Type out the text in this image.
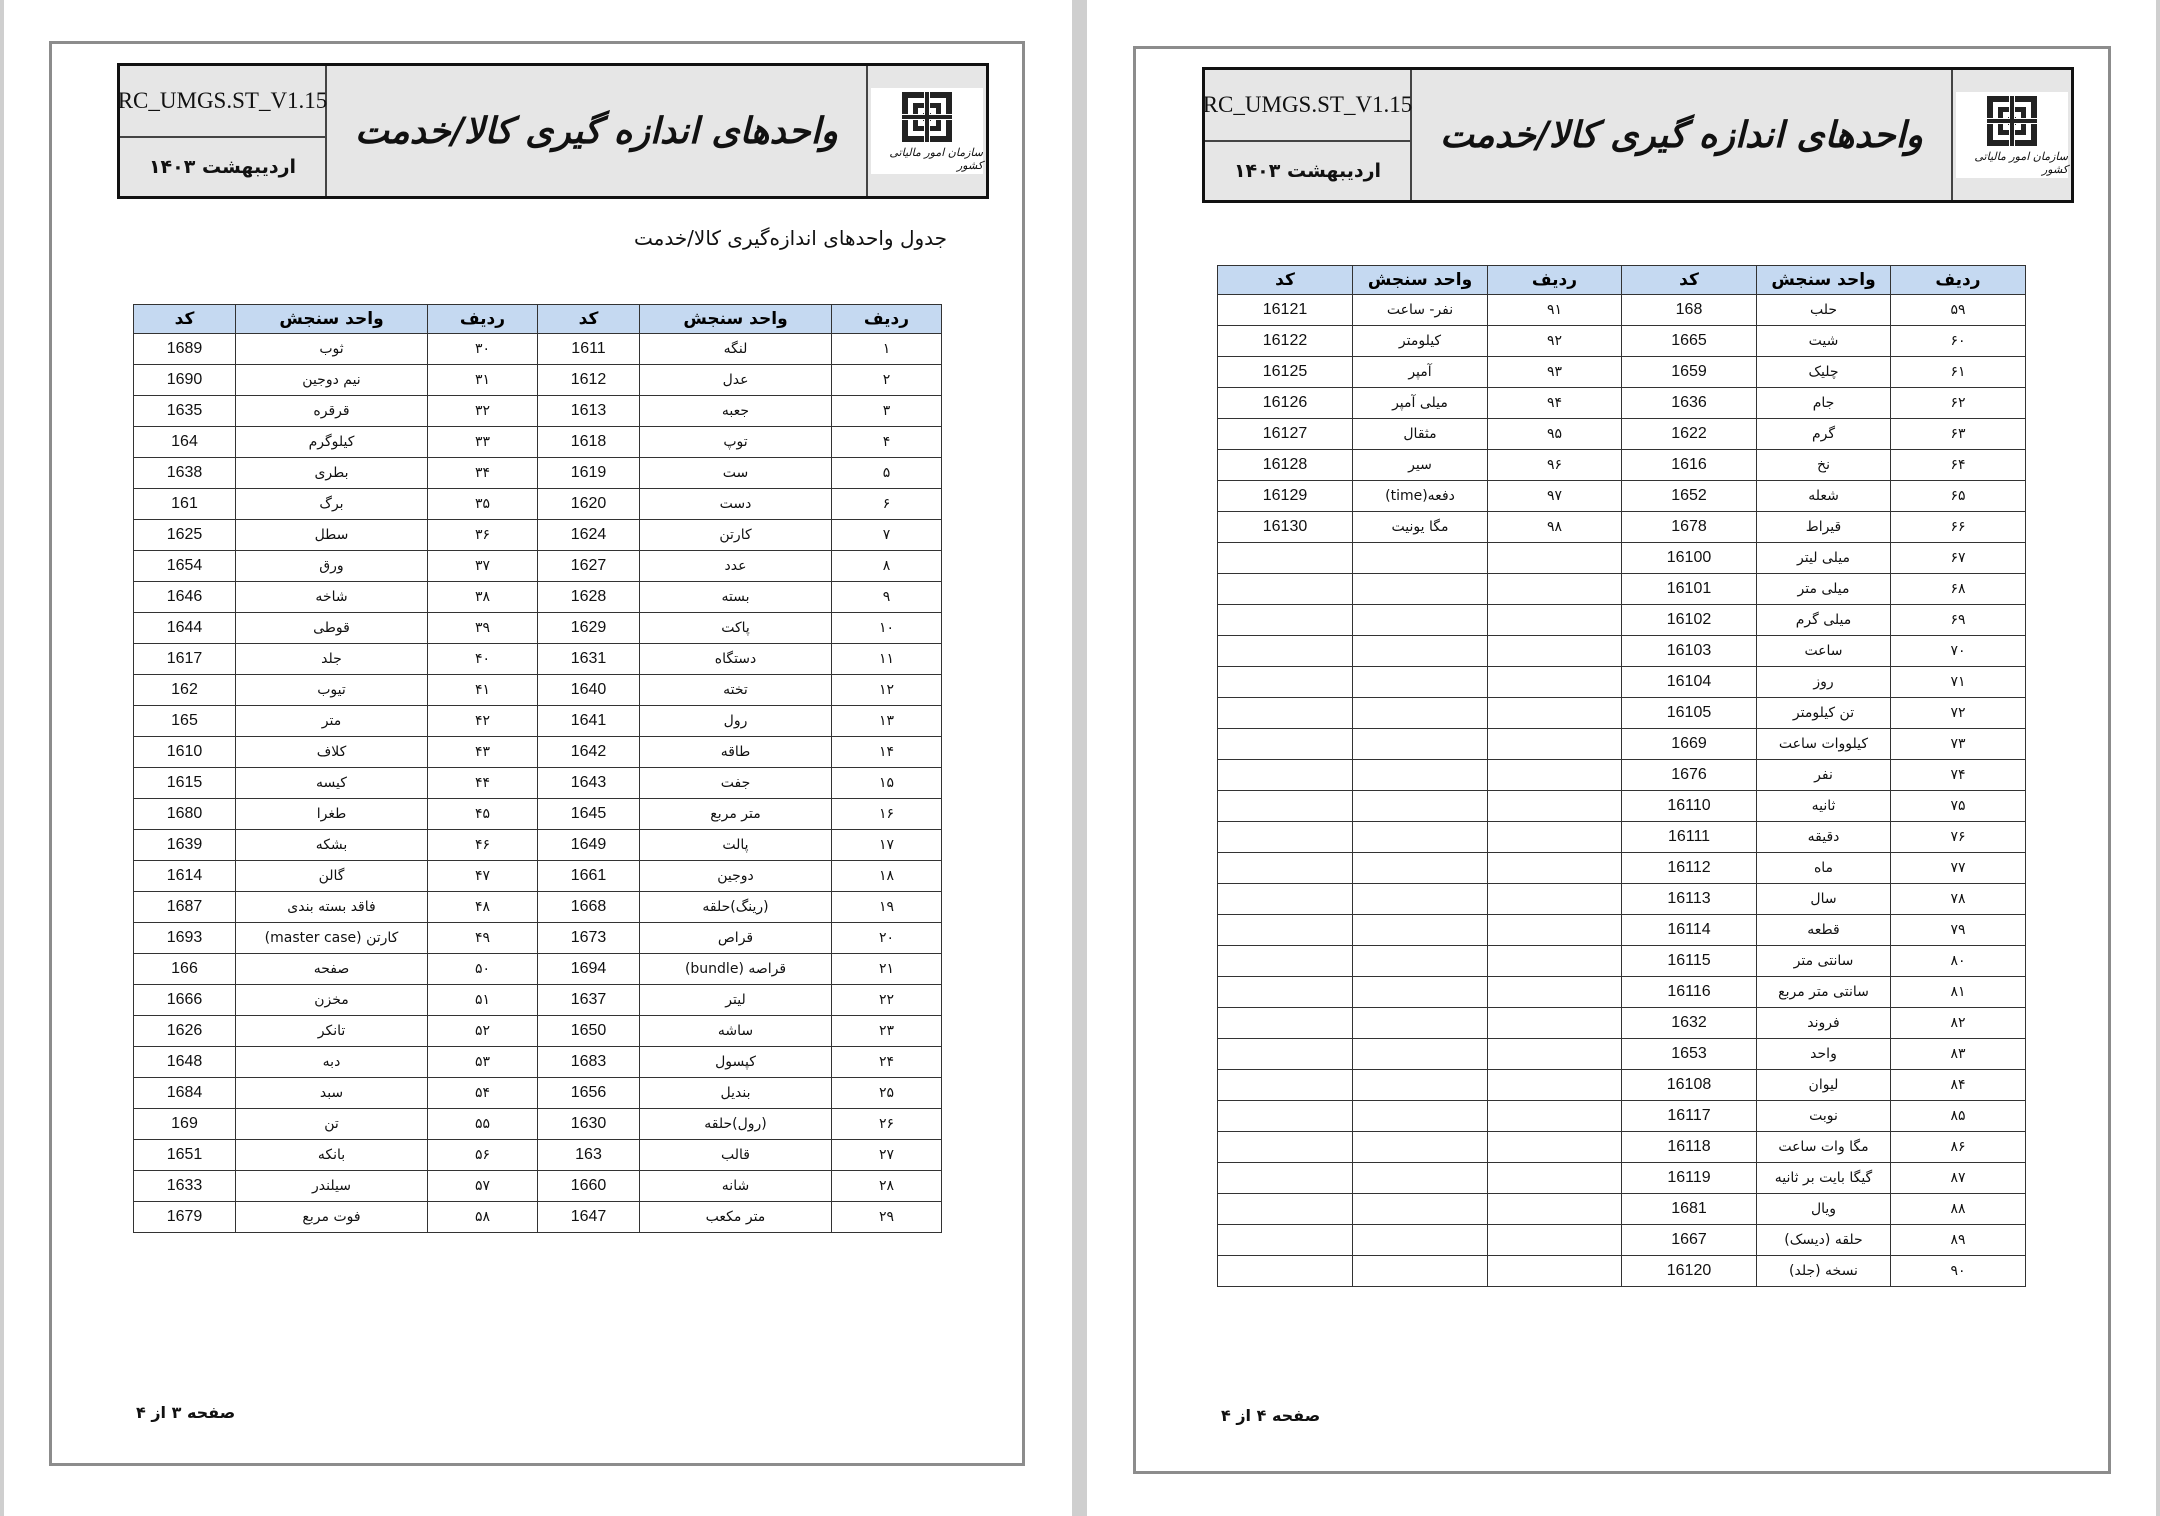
RC_UMGS.ST_V1.15
اردیبهشت ۱۴۰۳
واحدهای اندازه گیری کالا/خدمت
سازمان امور مالیاتی کشور
جدول واحدهای اندازه‌گیری کالا/خدمت
ردیف	واحد سنجش	کد	ردیف	واحد سنجش	کد
۱	لنگه	1611	۳۰	ثوب	1689
۲	عدل	1612	۳۱	نیم دوجین	1690
۳	جعبه	1613	۳۲	قرقره	1635
۴	توپ	1618	۳۳	کیلوگرم	164
۵	ست	1619	۳۴	بطری	1638
۶	دست	1620	۳۵	برگ	161
۷	کارتن	1624	۳۶	سطل	1625
۸	عدد	1627	۳۷	ورق	1654
۹	بسته	1628	۳۸	شاخه	1646
۱۰	پاکت	1629	۳۹	قوطی	1644
۱۱	دستگاه	1631	۴۰	جلد	1617
۱۲	تخته	1640	۴۱	تیوب	162
۱۳	رول	1641	۴۲	متر	165
۱۴	طاقه	1642	۴۳	کلاف	1610
۱۵	جفت	1643	۴۴	کیسه	1615
۱۶	متر مربع	1645	۴۵	طغرا	1680
۱۷	پالت	1649	۴۶	بشکه	1639
۱۸	دوجین	1661	۴۷	گالن	1614
۱۹	(رینگ)حلقه	1668	۴۸	فاقد بسته بندی	1687
۲۰	قراص	1673	۴۹	کارتن (master case)	1693
۲۱	قراصه (bundle)	1694	۵۰	صفحه	166
۲۲	لیتر	1637	۵۱	مخزن	1666
۲۳	ساشه	1650	۵۲	تانکر	1626
۲۴	کپسول	1683	۵۳	دبه	1648
۲۵	بندیل	1656	۵۴	سبد	1684
۲۶	(رول)حلقه	1630	۵۵	تن	169
۲۷	قالب	163	۵۶	بانکه	1651
۲۸	شانه	1660	۵۷	سیلندر	1633
۲۹	متر مکعب	1647	۵۸	فوت مربع	1679
صفحه ۳ از ۴
RC_UMGS.ST_V1.15
اردیبهشت ۱۴۰۳
واحدهای اندازه گیری کالا/خدمت
سازمان امور مالیاتی کشور
ردیف	واحد سنجش	کد	ردیف	واحد سنجش	کد
۵۹	حلب	168	۹۱	نفر- ساعت	16121
۶۰	شیت	1665	۹۲	کیلومتر	16122
۶۱	چلیک	1659	۹۳	آمپر	16125
۶۲	جام	1636	۹۴	میلی آمپر	16126
۶۳	گرم	1622	۹۵	مثقال	16127
۶۴	نخ	1616	۹۶	سیر	16128
۶۵	شعله	1652	۹۷	دفعه(time)	16129
۶۶	قیراط	1678	۹۸	مگا یونیت	16130
۶۷	میلی لیتر	16100			
۶۸	میلی متر	16101			
۶۹	میلی گرم	16102			
۷۰	ساعت	16103			
۷۱	روز	16104			
۷۲	تن کیلومتر	16105			
۷۳	کیلووات ساعت	1669			
۷۴	نفر	1676			
۷۵	ثانیه	16110			
۷۶	دقیقه	16111			
۷۷	ماه	16112			
۷۸	سال	16113			
۷۹	قطعه	16114			
۸۰	سانتی متر	16115			
۸۱	سانتی متر مربع	16116			
۸۲	فروند	1632			
۸۳	واحد	1653			
۸۴	لیوان	16108			
۸۵	نوبت	16117			
۸۶	مگا وات ساعت	16118			
۸۷	گیگا بایت بر ثانیه	16119			
۸۸	ویال	1681			
۸۹	حلقه (دیسک)	1667			
۹۰	نسخه (جلد)	16120			
صفحه ۴ از ۴
